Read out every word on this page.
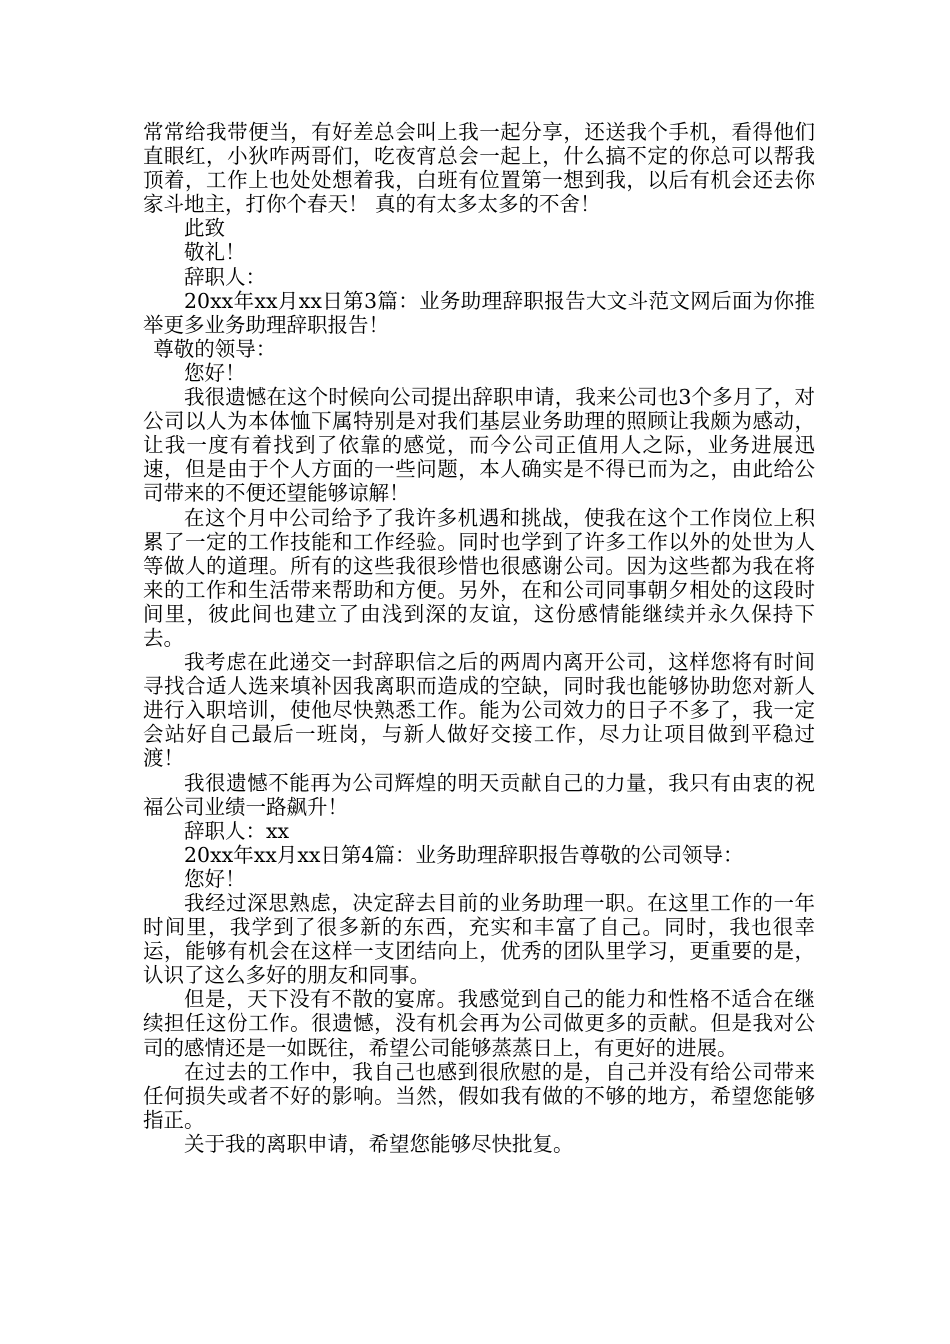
常常给我带便当，有好差总会叫上我一起分享，还送我个手机，看得他们直眼红，小狄咋两哥们，吃夜宵总会一起上，什么搞不定的你总可以帮我顶着，工作上也处处想着我，白班有位置第一想到我，以后有机会还去你家斗地主，打你个春天！ 真的有太多太多的不舍！

此致

敬礼！

辞职人：

20xx年xx月xx日第3篇：业务助理辞职报告大文斗范文网后面为你推举更多业务助理辞职报告！

尊敬的领导：

您好！

我很遗憾在这个时候向公司提出辞职申请，我来公司也3个多月了，对公司以人为本体恤下属特别是对我们基层业务助理的照顾让我颇为感动，让我一度有着找到了依靠的感觉，而今公司正值用人之际，业务进展迅速，但是由于个人方面的一些问题，本人确实是不得已而为之，由此给公司带来的不便还望能够谅解！

在这个月中公司给予了我许多机遇和挑战，使我在这个工作岗位上积累了一定的工作技能和工作经验。同时也学到了许多工作以外的处世为人等做人的道理。所有的这些我很珍惜也很感谢公司。因为这些都为我在将来的工作和生活带来帮助和方便。另外，在和公司同事朝夕相处的这段时间里，彼此间也建立了由浅到深的友谊，这份感情能继续并永久保持下去。

我考虑在此递交一封辞职信之后的两周内离开公司，这样您将有时间寻找合适人选来填补因我离职而造成的空缺，同时我也能够协助您对新人进行入职培训，使他尽快熟悉工作。能为公司效力的日子不多了，我一定会站好自己最后一班岗，与新人做好交接工作，尽力让项目做到平稳过渡！

我很遗憾不能再为公司辉煌的明天贡献自己的力量，我只有由衷的祝福公司业绩一路飙升！

辞职人：xx

20xx年xx月xx日第4篇：业务助理辞职报告尊敬的公司领导：

您好！

我经过深思熟虑，决定辞去目前的业务助理一职。在这里工作的一年时间里，我学到了很多新的东西，充实和丰富了自己。同时，我也很幸运，能够有机会在这样一支团结向上，优秀的团队里学习，更重要的是，认识了这么多好的朋友和同事。

但是，天下没有不散的宴席。我感觉到自己的能力和性格不适合在继续担任这份工作。很遗憾，没有机会再为公司做更多的贡献。但是我对公司的感情还是一如既往，希望公司能够蒸蒸日上，有更好的进展。

在过去的工作中，我自己也感到很欣慰的是，自己并没有给公司带来任何损失或者不好的影响。当然，假如我有做的不够的地方，希望您能够指正。

关于我的离职申请，希望您能够尽快批复。
